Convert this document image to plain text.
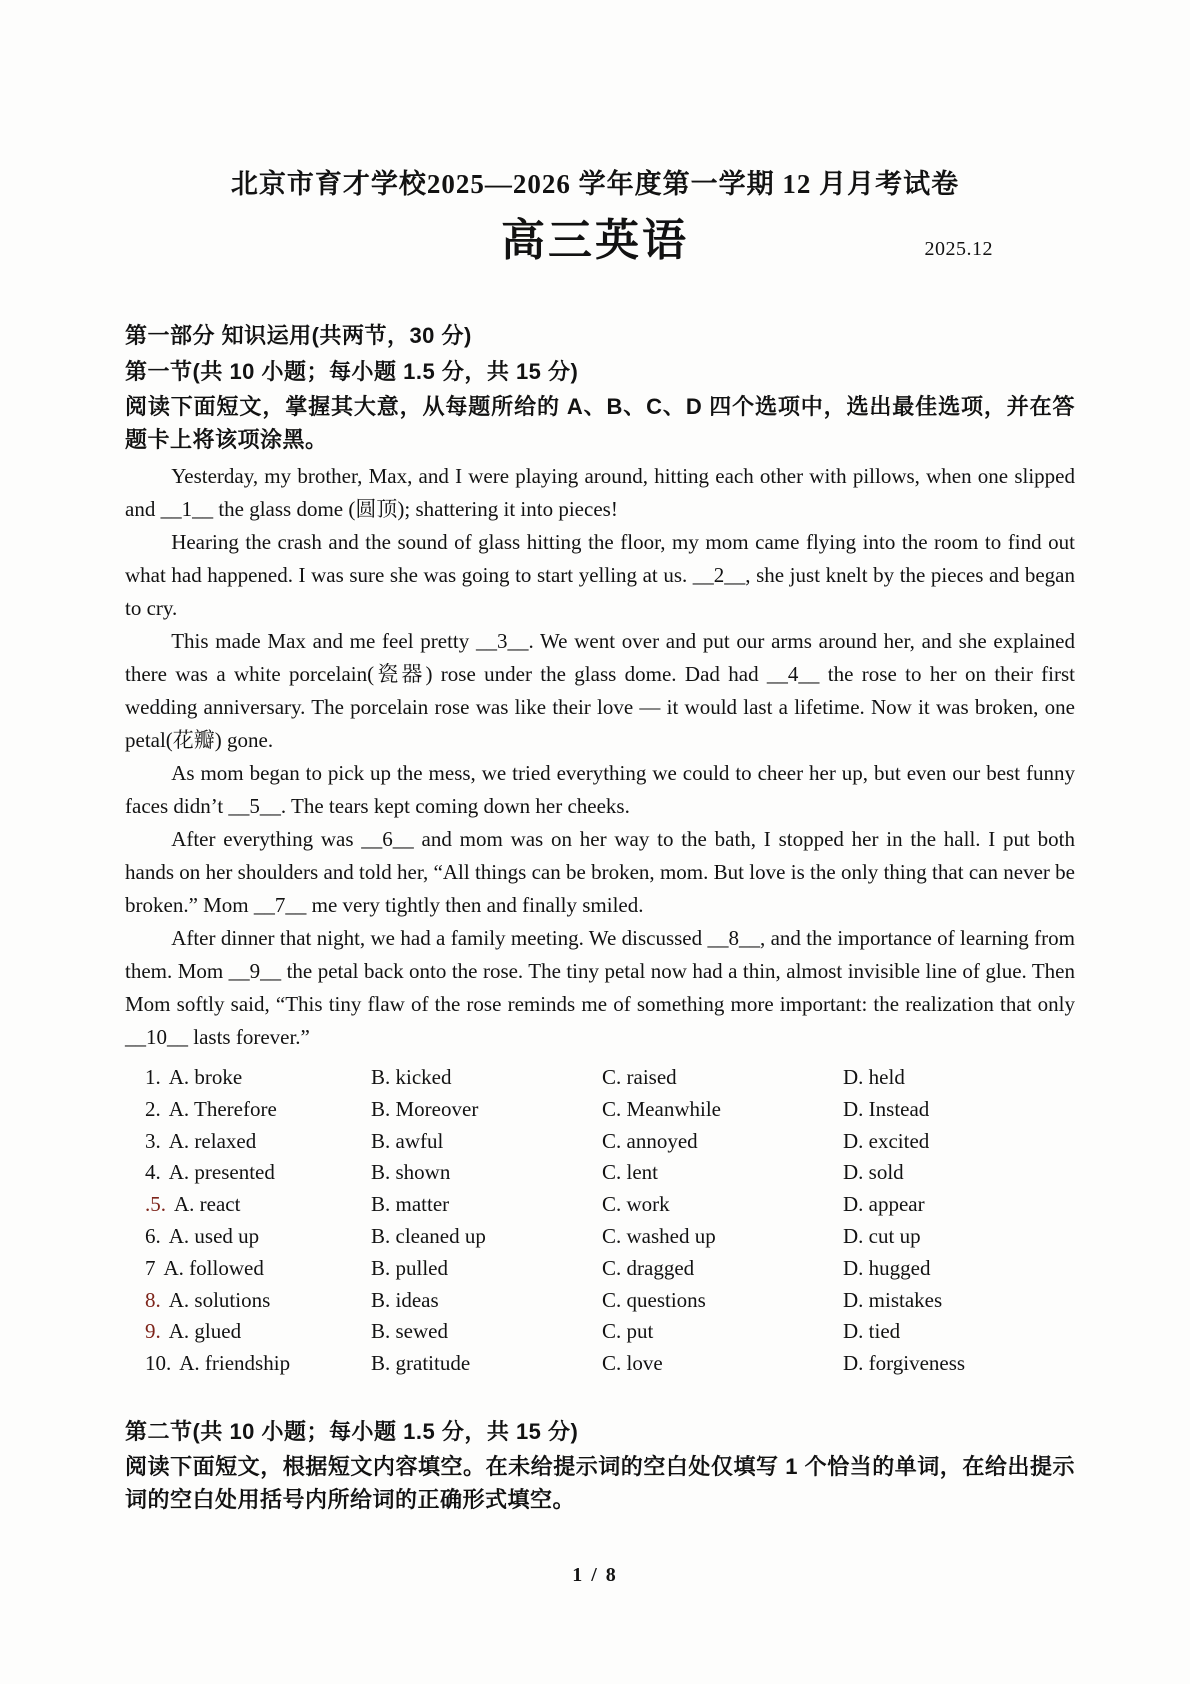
北京市育才学校2025—2026 学年度第一学期 12 月月考试卷
高三英语	2025.12
第一部分 知识运用(共两节，30 分)
第一节(共 10 小题；每小题 1.5 分，共 15 分)

阅读下面短文，掌握其大意，从每题所给的 A、B、C、D 四个选项中，选出最佳选项，并在答题卡上将该项涂黑。

Yesterday, my brother, Max, and I were playing around, hitting each other with pillows, when one slipped and __1__ the glass dome (圆顶); shattering it into pieces!

Hearing the crash and the sound of glass hitting the floor, my mom came flying into the room to find out what had happened. I was sure she was going to start yelling at us. __2__, she just knelt by the pieces and began to cry.

This made Max and me feel pretty __3__. We went over and put our arms around her, and she explained there was a white porcelain(瓷器) rose under the glass dome. Dad had __4__ the rose to her on their first wedding anniversary. The porcelain rose was like their love — it would last a lifetime. Now it was broken, one petal(花瓣) gone.

As mom began to pick up the mess, we tried everything we could to cheer her up, but even our best funny faces didn’t __5__. The tears kept coming down her cheeks.

After everything was __6__ and mom was on her way to the bath, I stopped her in the hall. I put both hands on her shoulders and told her, “All things can be broken, mom. But love is the only thing that can never be broken.” Mom __7__ me very tightly then and finally smiled.

After dinner that night, we had a family meeting. We discussed __8__, and the importance of learning from them. Mom __9__ the petal back onto the rose. The tiny petal now had a thin, almost invisible line of glue. Then Mom softly said, “This tiny flaw of the rose reminds me of something more important: the realization that only __10__ lasts forever.”

1. A. broke	B. kicked	C. raised	D. held
2. A. Therefore	B. Moreover	C. Meanwhile	D. Instead
3. A. relaxed	B. awful	C. annoyed	D. excited
4. A. presented	B. shown	C. lent	D. sold
.5. A. react	B. matter	C. work	D. appear
6. A. used up	B. cleaned up	C. washed up	D. cut up
7 A. followed	B. pulled	C. dragged	D. hugged
8. A. solutions	B. ideas	C. questions	D. mistakes
9. A. glued	B. sewed	C. put	D. tied
10. A. friendship	B. gratitude	C. love	D. forgiveness
第二节(共 10 小题；每小题 1.5 分，共 15 分)

阅读下面短文，根据短文内容填空。在未给提示词的空白处仅填写 1 个恰当的单词，在给出提示词的空白处用括号内所给词的正确形式填空。

1 / 8
